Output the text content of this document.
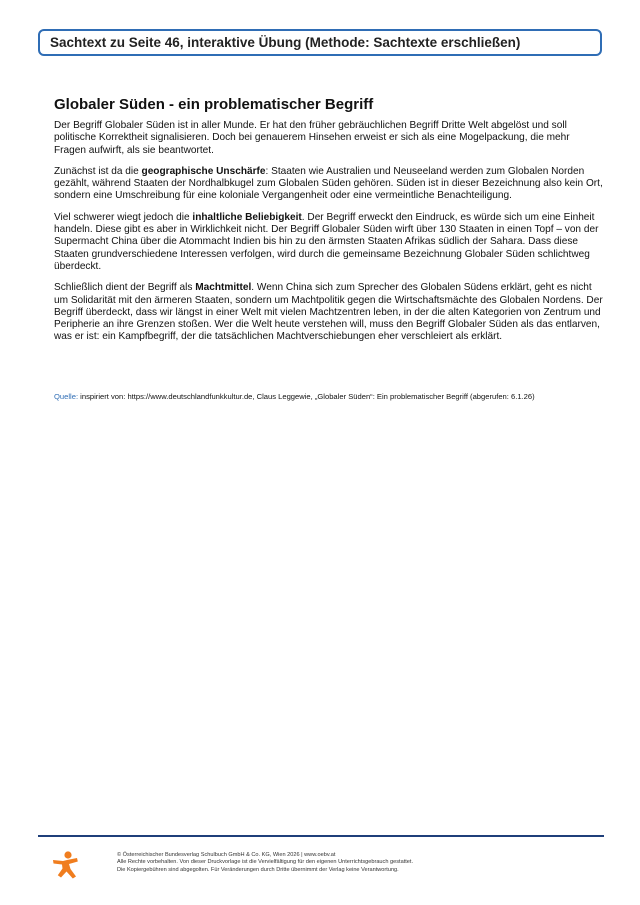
Sachtext zu Seite 46, interaktive Übung (Methode: Sachtexte erschließen)
Globaler Süden - ein problematischer Begriff

Der Begriff Globaler Süden ist in aller Munde. Er hat den früher gebräuchlichen Begriff Dritte Welt abgelöst und soll politische Korrektheit signalisieren. Doch bei genauerem Hinsehen erweist er sich als eine Mogelpackung, die mehr Fragen aufwirft, als sie beantwortet.

Zunächst ist da die geographische Unschärfe: Staaten wie Australien und Neuseeland werden zum Globalen Norden gezählt, während Staaten der Nordhalbkugel zum Globalen Süden gehören. Süden ist in dieser Bezeichnung also kein Ort, sondern eine Umschreibung für eine koloniale Vergangenheit oder eine vermeintliche Benachteiligung.

Viel schwerer wiegt jedoch die inhaltliche Beliebigkeit. Der Begriff erweckt den Eindruck, es würde sich um eine Einheit handeln. Diese gibt es aber in Wirklichkeit nicht. Der Begriff Globaler Süden wirft über 130 Staaten in einen Topf – von der Supermacht China über die Atommacht Indien bis hin zu den ärmsten Staaten Afrikas südlich der Sahara. Dass diese Staaten grundverschiedene Interessen verfolgen, wird durch die gemeinsame Bezeichnung Globaler Süden schlichtweg überdeckt.

Schließlich dient der Begriff als Machtmittel. Wenn China sich zum Sprecher des Globalen Südens erklärt, geht es nicht um Solidarität mit den ärmeren Staaten, sondern um Machtpolitik gegen die Wirtschaftsmächte des Globalen Nordens. Der Begriff überdeckt, dass wir längst in einer Welt mit vielen Machtzentren leben, in der die alten Kategorien von Zentrum und Peripherie an ihre Grenzen stoßen. Wer die Welt heute verstehen will, muss den Begriff Globaler Süden als das entlarven, was er ist: ein Kampfbegriff, der die tatsächlichen Machtverschiebungen eher verschleiert als erklärt.

Quelle: inspiriert von: https://www.deutschlandfunkkultur.de, Claus Leggewie, „Globaler Süden“: Ein problematischer Begriff (abgerufen: 6.1.26)
© Österreichischer Bundesverlag Schulbuch GmbH & Co. KG, Wien 2026 | www.oebv.at
Alle Rechte vorbehalten. Von dieser Druckvorlage ist die Vervielfältigung für den eigenen Unterrichtsgebrauch gestattet.
Die Kopiergebühren sind abgegolten. Für Veränderungen durch Dritte übernimmt der Verlag keine Verantwortung.
